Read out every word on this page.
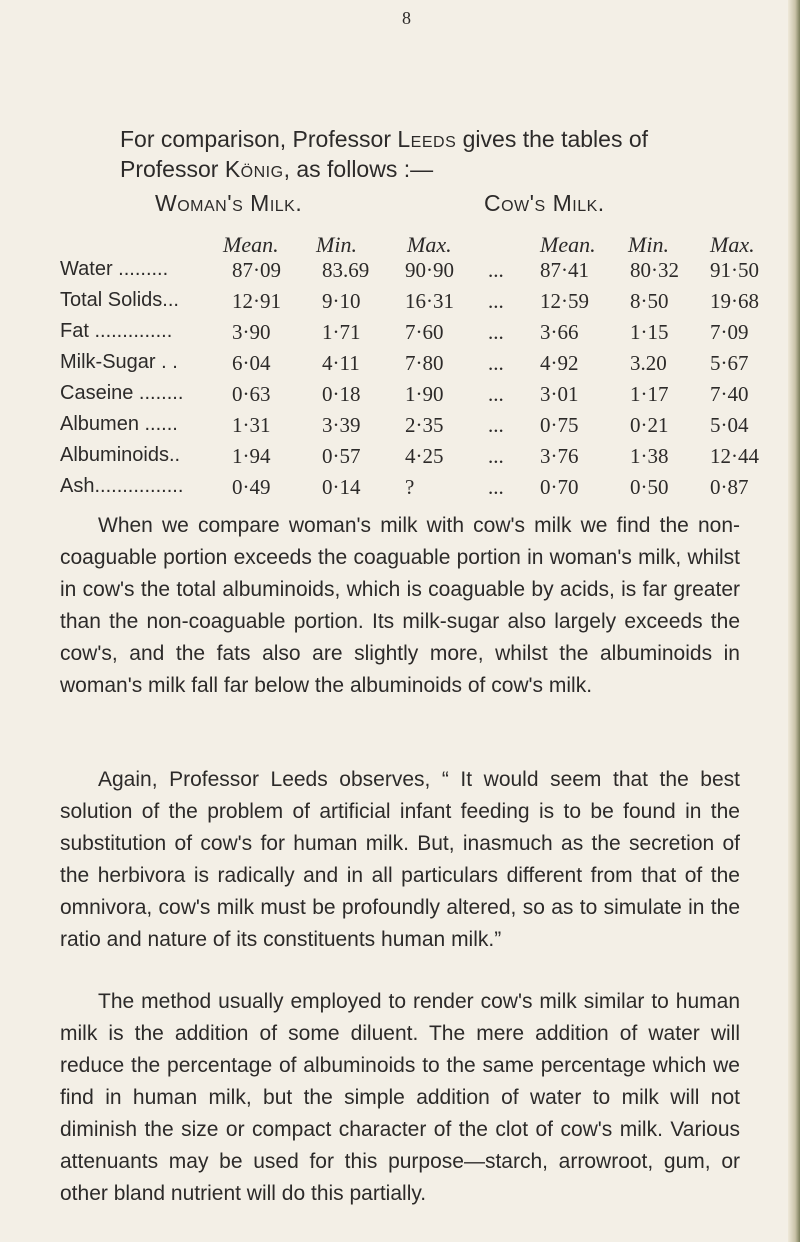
8
For comparison, Professor Leeds gives the tables of
Professor König, as follows :—
Woman's Milk.	Cow's Milk.
Mean. Min. Max.	Mean. Min. Max.
Water .........	87·09 83.69 90·90 ... 87·41 80·32 91·50
Total Solids...	12·91 9·10 16·31 ... 12·59 8·50 19·68
Fat ..............	3·90 1·71 7·60 ... 3·66 1·15 7·09
Milk-Sugar . .	6·04 4·11 7·80 ... 4·92 3.20 5·67
Caseine ........ 0·63 0·18 1·90 ... 3·01 1·17 7·40
Albumen ......	1·31 3·39 2·35 ... 0·75 0·21 5·04
Albuminoids.. 1·94 0·57 4·25 ... 3·76 1·38 12·44
Ash................ 0·49 0·14 ?	... 0·70 0·50 0·87
When we compare woman's milk with cow's milk we find the non-coaguable portion exceeds the coaguable portion in woman's milk, whilst in cow's the total albuminoids, which is coaguable by acids, is far greater than the non-coaguable portion. Its milk-sugar also largely exceeds the cow's, and the fats also are slightly more, whilst the albuminoids in woman's milk fall far below the albuminoids of cow's milk.
Again, Professor Leeds observes, “ It would seem that the best solution of the problem of artificial infant feeding is to be found in the substitution of cow's for human milk. But, inasmuch as the secretion of the herbivora is radically and in all particulars different from that of the omnivora, cow's milk must be profoundly altered, so as to simulate in the ratio and nature of its constituents human milk.”
The method usually employed to render cow's milk similar to human milk is the addition of some diluent. The mere addition of water will reduce the percentage of albuminoids to the same percentage which we find in human milk, but the simple addition of water to milk will not diminish the size or compact character of the clot of cow's milk. Various attenuants may be used for this purpose—starch, arrowroot, gum, or other bland nutrient will do this partially.
